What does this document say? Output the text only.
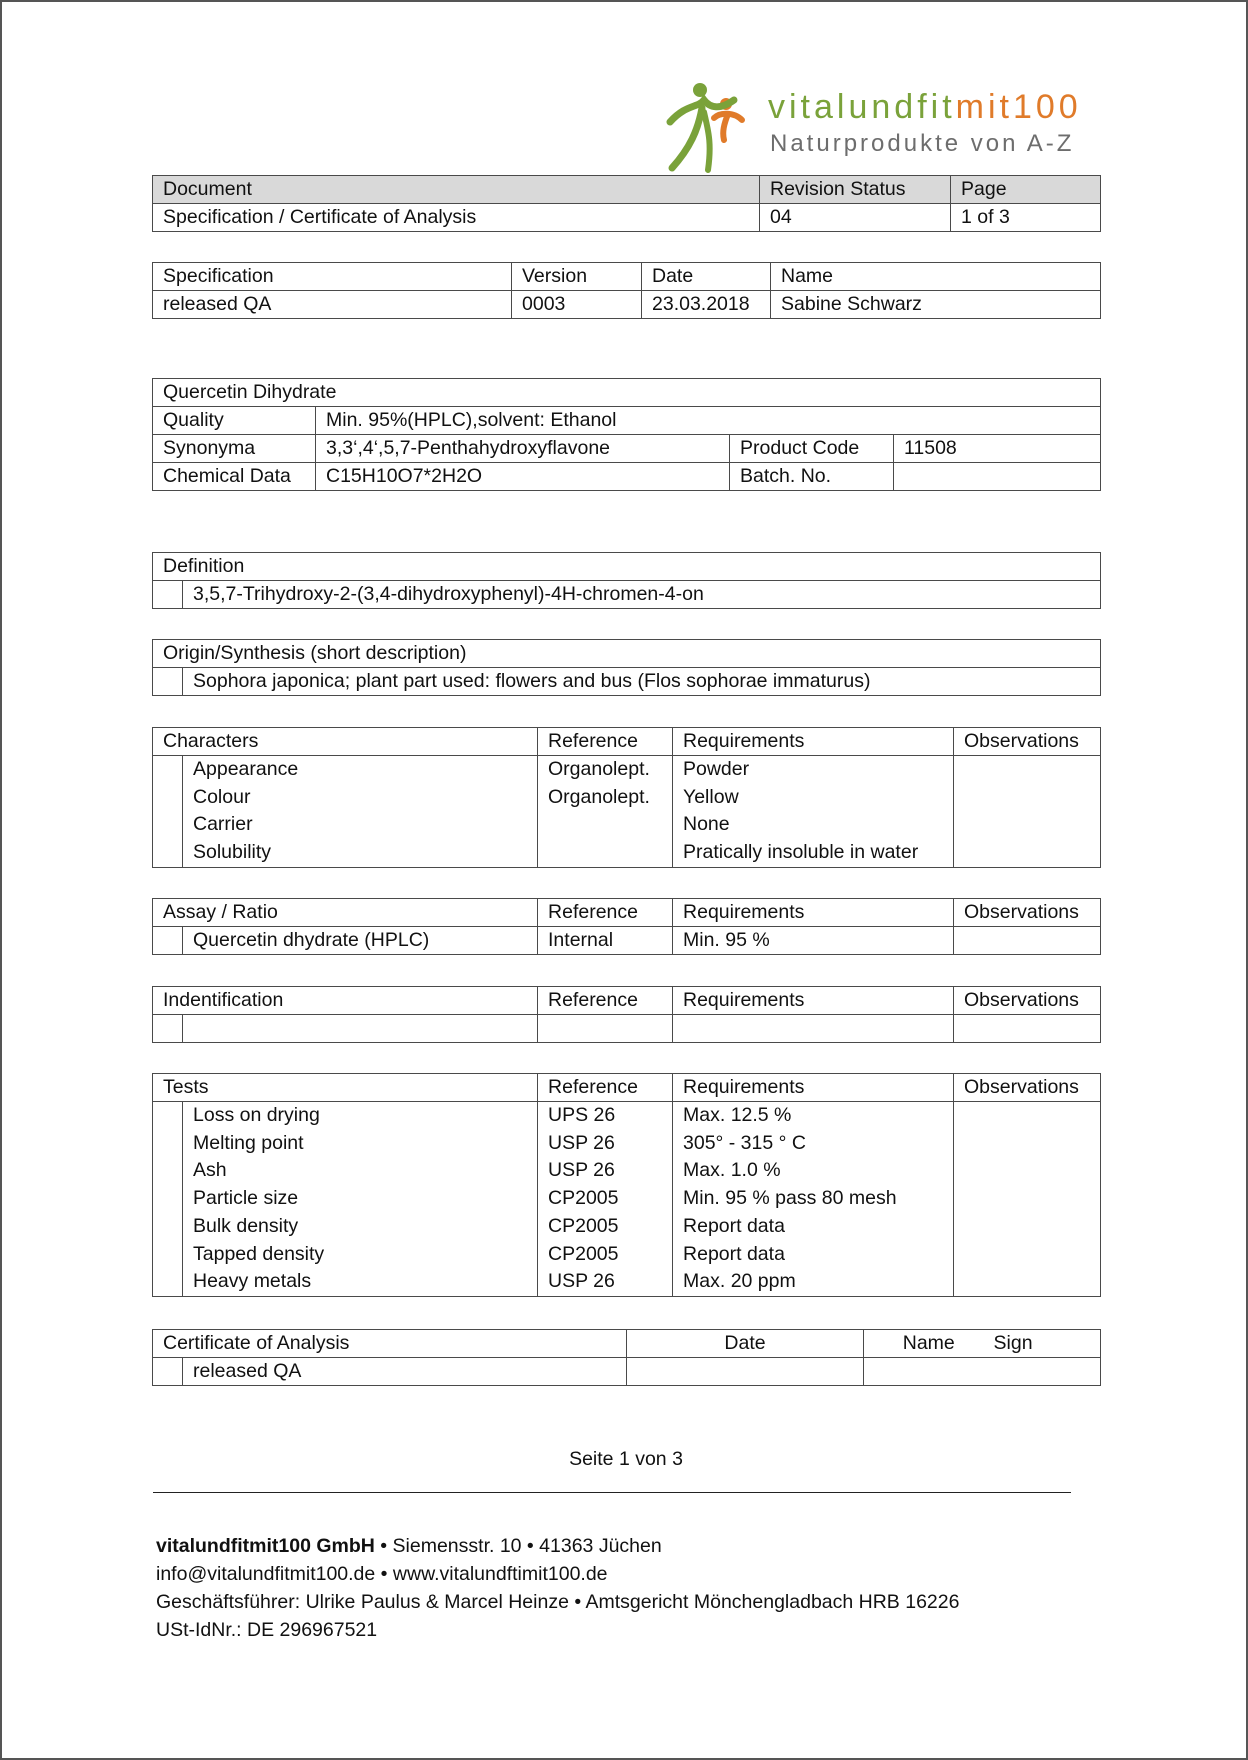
vitalundfitmit100
Naturprodukte von A-Z
Document	Revision Status	Page
Specification / Certificate of Analysis	04	1 of 3
Specification	Version	Date	Name
released QA	0003	23.03.2018	Sabine Schwarz
Quercetin Dihydrate			
Quality	Min. 95%(HPLC),solvent: Ethanol		
Synonyma	3,3‘,4‘,5,7-Penthahydroxyflavone	Product Code	11508
Chemical Data	C15H10O7*2H2O	Batch. No.	
Definition
	3,5,7-Trihydroxy-2-(3,4-dihydroxyphenyl)-4H-chromen-4-on
Origin/Synthesis (short description)
	Sophora japonica; plant part used: flowers and bus (Flos sophorae immaturus)
Characters		Reference	Requirements	Observations
	Appearance	Organolept.	Powder	
	Colour	Organolept.	Yellow	
	Carrier		None	
	Solubility		Pratically insoluble in water	
Assay / Ratio		Reference	Requirements	Observations
	Quercetin dhydrate (HPLC)	Internal	Min. 95 %	
Indentification		Reference	Requirements	Observations

Tests		Reference	Requirements	Observations
	Loss on drying	UPS 26	Max. 12.5 %	
	Melting point	USP 26	305° - 315 ° C	
	Ash	USP 26	Max. 1.0 %	
	Particle size	CP2005	Min. 95 % pass 80 mesh	
	Bulk density	CP2005	Report data	
	Tapped density	CP2005	Report data	
	Heavy metals	USP 26	Max. 20 ppm	
Certificate of Analysis		Date	Name	Sign
	released QA			
Seite 1 von 3
vitalundfitmit100 GmbH • Siemensstr. 10 • 41363 Jüchen
info@vitalundfitmit100.de • www.vitalundftimit100.de
Geschäftsführer: Ulrike Paulus & Marcel Heinze • Amtsgericht Mönchengladbach HRB 16226
USt-IdNr.: DE 296967521
